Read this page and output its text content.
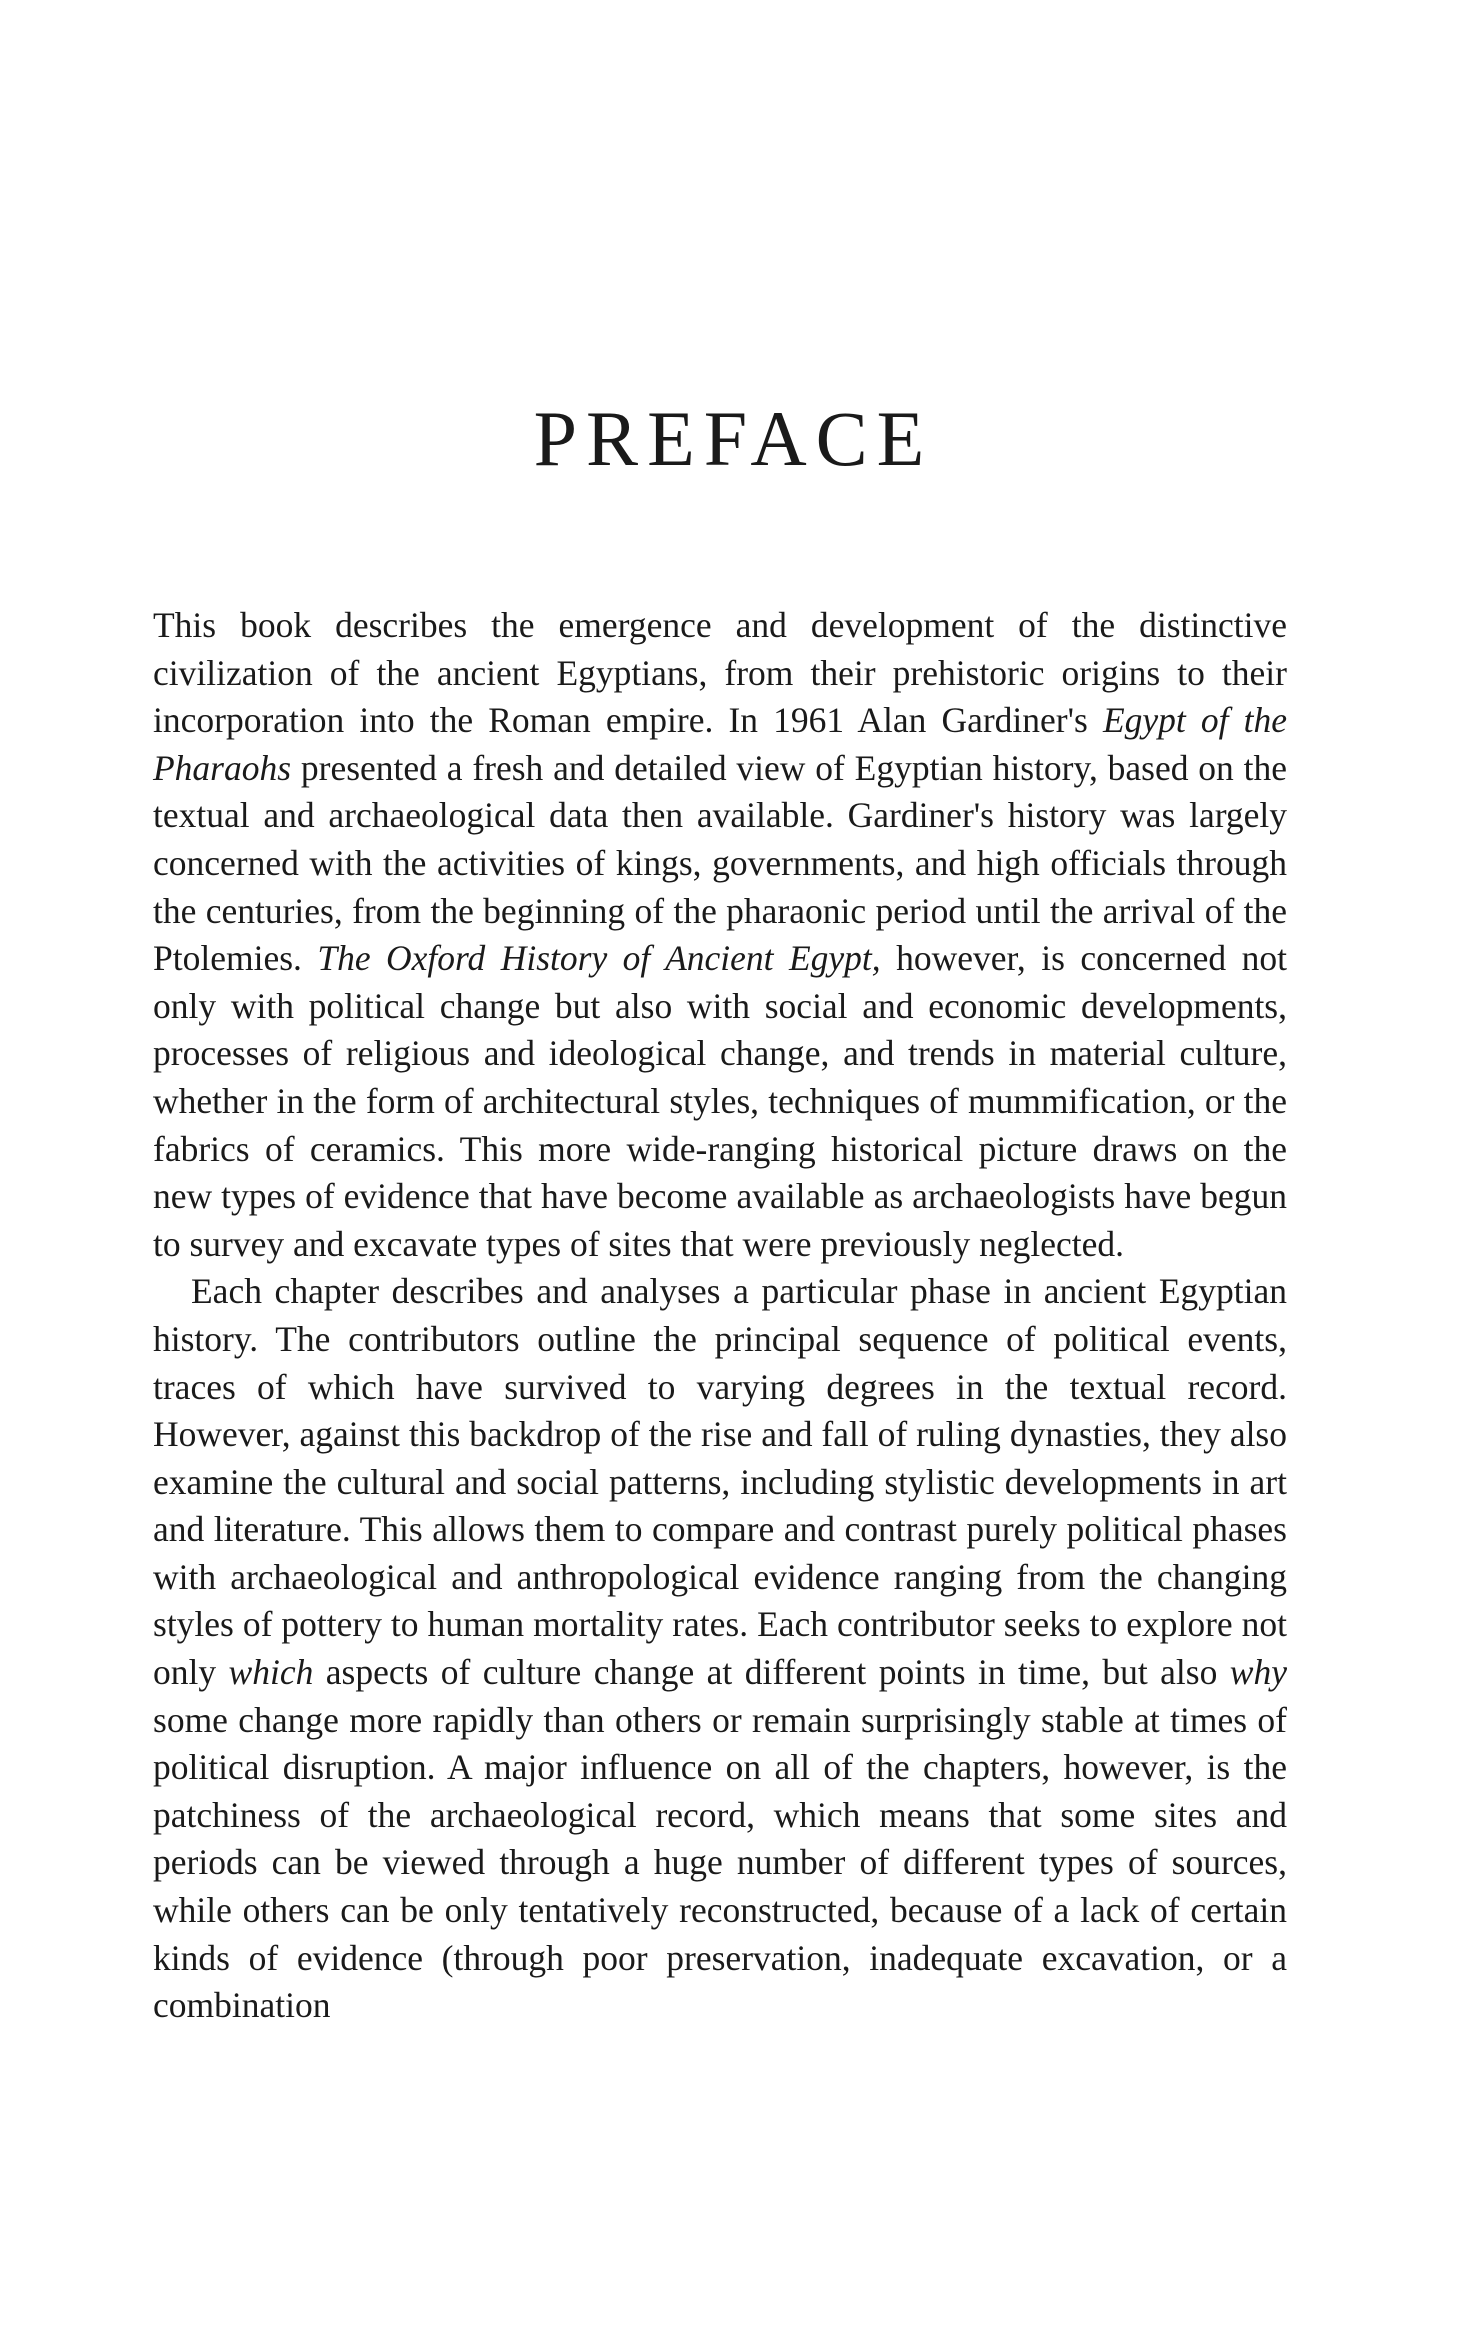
PREFACE

This book describes the emergence and development of the distinctive civilization of the ancient Egyptians, from their prehistoric origins to their incorporation into the Roman empire. In 1961 Alan Gardiner's Egypt of the Pharaohs presented a fresh and detailed view of Egyptian history, based on the textual and archaeological data then available. Gardiner's history was largely concerned with the activities of kings, governments, and high officials through the centuries, from the beginning of the pharaonic period until the arrival of the Ptolemies. The Oxford History of Ancient Egypt, however, is concerned not only with political change but also with social and economic developments, processes of religious and ideological change, and trends in material culture, whether in the form of architectural styles, techniques of mummification, or the fabrics of ceramics. This more wide-ranging historical picture draws on the new types of evidence that have become available as archaeologists have begun to survey and excavate types of sites that were previously neglected.

Each chapter describes and analyses a particular phase in ancient Egyptian history. The contributors outline the principal sequence of political events, traces of which have survived to varying degrees in the textual record. However, against this backdrop of the rise and fall of ruling dynasties, they also examine the cultural and social patterns, including stylistic developments in art and literature. This allows them to compare and contrast purely political phases with archaeological and anthropological evidence ranging from the changing styles of pottery to human mortality rates. Each contributor seeks to explore not only which aspects of culture change at different points in time, but also why some change more rapidly than others or remain surprisingly stable at times of political disruption. A major influence on all of the chapters, however, is the patchiness of the archaeological record, which means that some sites and periods can be viewed through a huge number of different types of sources, while others can be only tentatively reconstructed, because of a lack of certain kinds of evidence (through poor preservation, inadequate excavation, or a combination
